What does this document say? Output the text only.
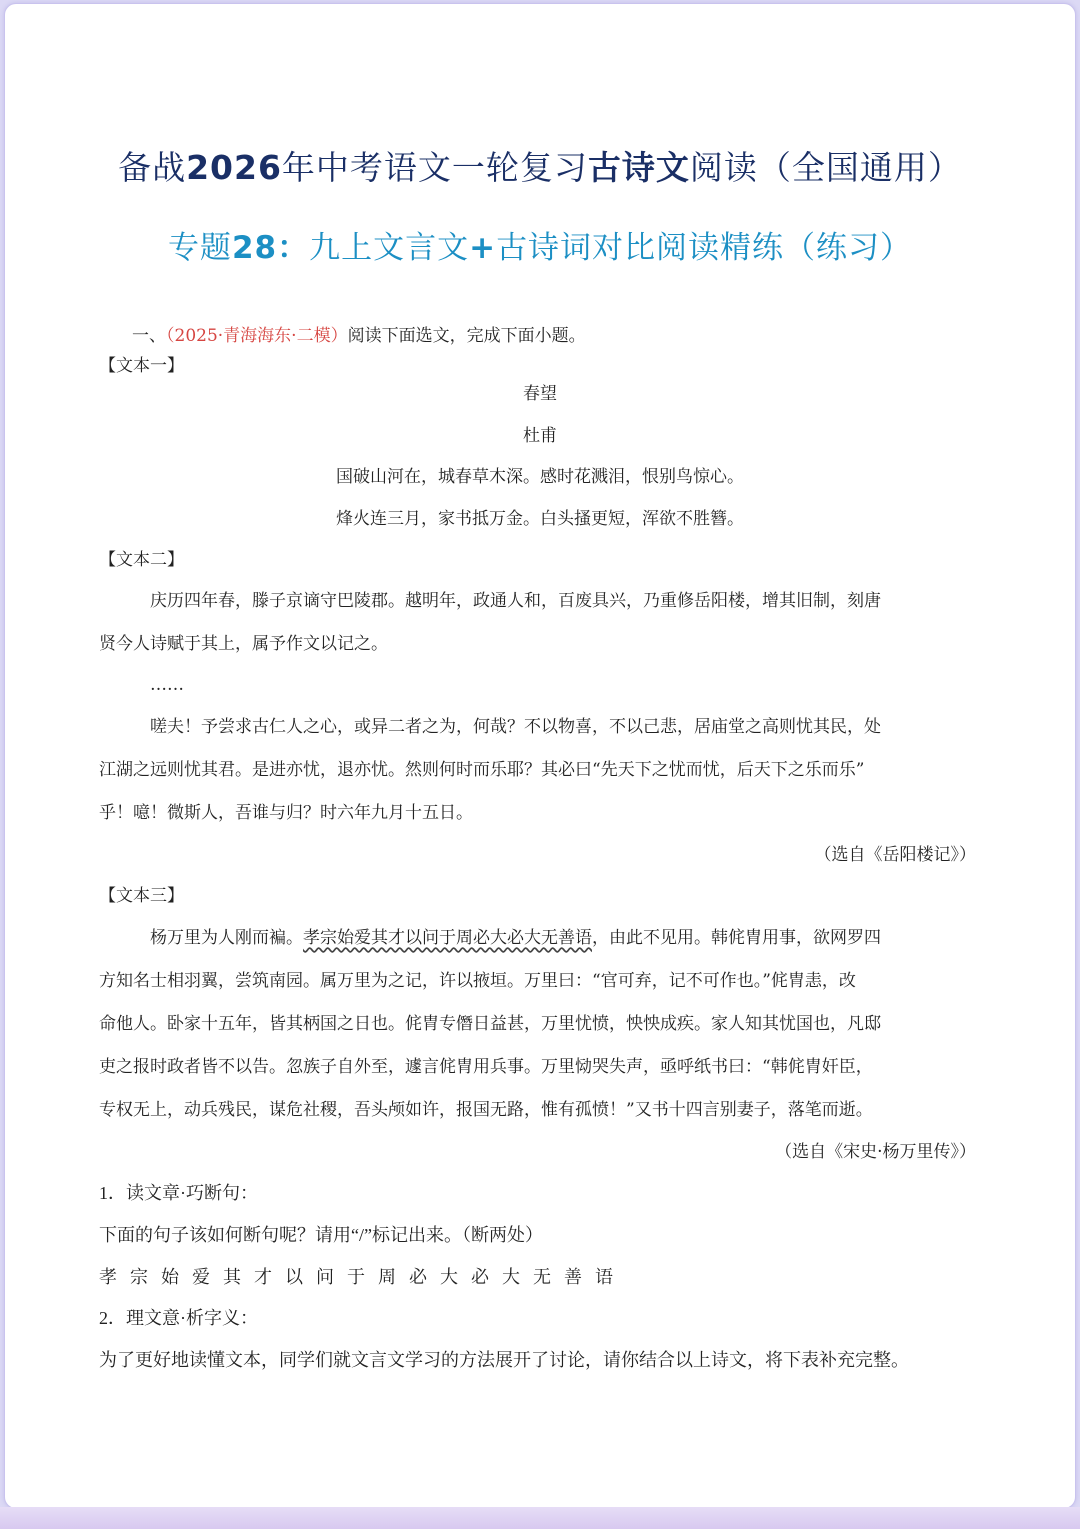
备战2026年中考语文一轮复习古诗文阅读（全国通用）
专题28：九上文言文+古诗词对比阅读精练（练习）
一、（2025·青海海东·二模）阅读下面选文，完成下面小题。
【文本一】
春望
杜甫
国破山河在，城春草木深。感时花溅泪，恨别鸟惊心。
烽火连三月，家书抵万金。白头搔更短，浑欲不胜簪。
【文本二】
庆历四年春，滕子京谪守巴陵郡。越明年，政通人和，百废具兴，乃重修岳阳楼，增其旧制，刻唐
贤今人诗赋于其上，属予作文以记之。
……
嗟夫！予尝求古仁人之心，或异二者之为，何哉？不以物喜，不以己悲，居庙堂之高则忧其民，处
江湖之远则忧其君。是进亦忧，退亦忧。然则何时而乐耶？其必曰“先天下之忧而忧，后天下之乐而乐”
乎！噫！微斯人，吾谁与归？时六年九月十五日。
（选自《岳阳楼记》）
【文本三】
杨万里为人刚而褊。孝宗始爱其才以问于周必大必大无善语，由此不见用。韩侂胄用事，欲网罗四
方知名士相羽翼，尝筑南园。属万里为之记，许以掖垣。万里曰：“官可弃，记不可作也。”侂胄恚，改
命他人。卧家十五年，皆其柄国之日也。侂胄专僭日益甚，万里忧愤，怏怏成疾。家人知其忧国也，凡邸
吏之报时政者皆不以告。忽族子自外至，遽言侂胄用兵事。万里恸哭失声，亟呼纸书曰：“韩侂胄奸臣，
专权无上，动兵残民，谋危社稷，吾头颅如许，报国无路，惟有孤愤！”又书十四言别妻子，落笔而逝。
（选自《宋史·杨万里传》）
1．读文章·巧断句：
下面的句子该如何断句呢？请用“/”标记出来。（断两处）
孝宗始爱其才以问于周必大必大无善语
2．理文意·析字义：
为了更好地读懂文本，同学们就文言文学习的方法展开了讨论，请你结合以上诗文，将下表补充完整。
